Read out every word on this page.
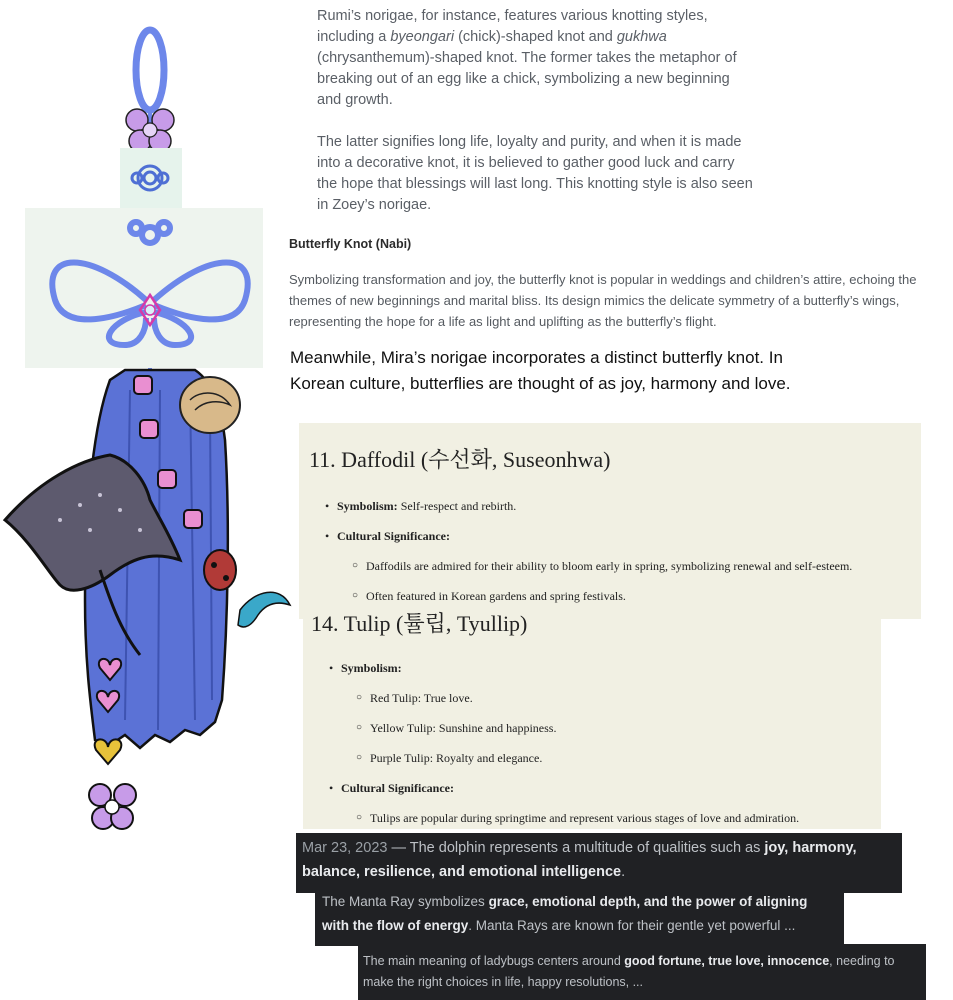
Rumi’s norigae, for instance, features various knotting styles, including a byeongari (chick)-shaped knot and gukhwa (chrysanthemum)-shaped knot. The former takes the metaphor of breaking out of an egg like a chick, symbolizing a new beginning and growth.

The latter signifies long life, loyalty and purity, and when it is made into a decorative knot, it is believed to gather good luck and carry the hope that blessings will last long. This knotting style is also seen in Zoey’s norigae.

Butterfly Knot (Nabi)
Symbolizing transformation and joy, the butterfly knot is popular in weddings and children’s attire, echoing the themes of new beginnings and marital bliss. Its design mimics the delicate symmetry of a butterfly’s wings, representing the hope for a life as light and uplifting as the butterfly’s flight.
Meanwhile, Mira’s norigae incorporates a distinct butterfly knot. In Korean culture, butterflies are thought of as joy, harmony and love.
11. Daffodil (수선화, Suseonhwa)
• Symbolism: Self-respect and rebirth.
• Cultural Significance:
○ Daffodils are admired for their ability to bloom early in spring, symbolizing renewal and self-esteem.
○ Often featured in Korean gardens and spring festivals.
14. Tulip (튤립, Tyullip)
• Symbolism:
○ Red Tulip: True love.
○ Yellow Tulip: Sunshine and happiness.
○ Purple Tulip: Royalty and elegance.
• Cultural Significance:
○ Tulips are popular during springtime and represent various stages of love and admiration.
Mar 23, 2023 — The dolphin represents a multitude of qualities such as joy, harmony, balance, resilience, and emotional intelligence.
The Manta Ray symbolizes grace, emotional depth, and the power of aligning with the flow of energy. Manta Rays are known for their gentle yet powerful ...
The main meaning of ladybugs centers around good fortune, true love, innocence, needing to make the right choices in life, happy resolutions, ...
